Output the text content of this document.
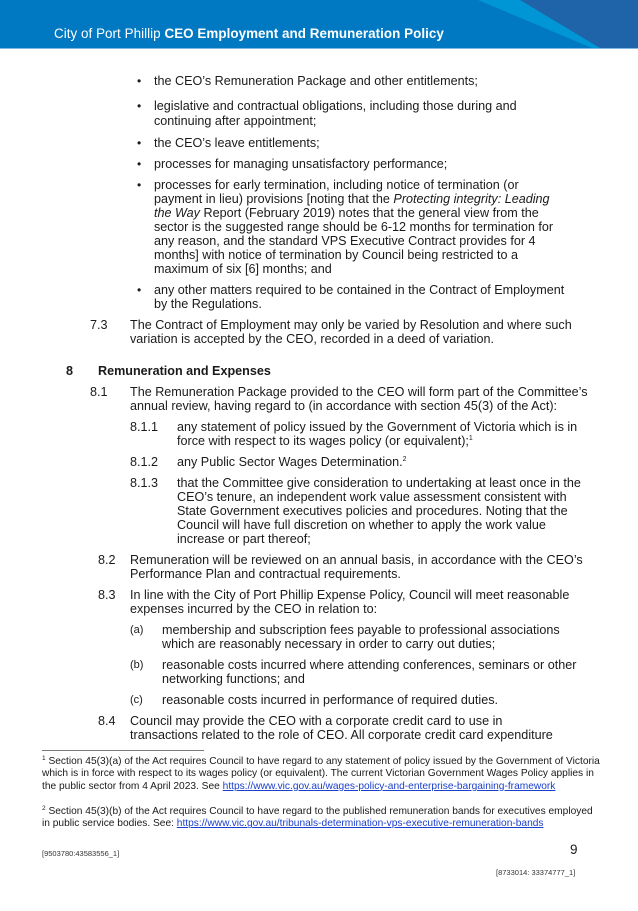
City of Port Phillip CEO Employment and Remuneration Policy
• the CEO’s Remuneration Package and other entitlements;
• legislative and contractual obligations, including those during and
continuing after appointment;
• the CEO’s leave entitlements;
• processes for managing unsatisfactory performance;
• processes for early termination, including notice of termination (or
payment in lieu) provisions [noting that the Protecting integrity: Leading
the Way Report (February 2019) notes that the general view from the
sector is the suggested range should be 6-12 months for termination for
any reason, and the standard VPS Executive Contract provides for 4
months] with notice of termination by Council being restricted to a
maximum of six [6] months; and
• any other matters required to be contained in the Contract of Employment
by the Regulations.
7.3 The Contract of Employment may only be varied by Resolution and where such
variation is accepted by the CEO, recorded in a deed of variation.
8 Remuneration and Expenses
8.1 The Remuneration Package provided to the CEO will form part of the Committee’s
annual review, having regard to (in accordance with section 45(3) of the Act):
8.1.1 any statement of policy issued by the Government of Victoria which is in
force with respect to its wages policy (or equivalent);$^1$
8.1.2 any Public Sector Wages Determination.$^2$
8.1.3 that the Committee give consideration to undertaking at least once in the
CEO’s tenure, an independent work value assessment consistent with
State Government executives policies and procedures. Noting that the
Council will have full discretion on whether to apply the work value
increase or part thereof;
8.2 Remuneration will be reviewed on an annual basis, in accordance with the CEO’s
Performance Plan and contractual requirements.
8.3 In line with the City of Port Phillip Expense Policy, Council will meet reasonable
expenses incurred by the CEO in relation to:
(a) membership and subscription fees payable to professional associations
which are reasonably necessary in order to carry out duties;
(b) reasonable costs incurred where attending conferences, seminars or other
networking functions; and
(c) reasonable costs incurred in performance of required duties.
8.4 Council may provide the CEO with a corporate credit card to use in
transactions related to the role of CEO. All corporate credit card expenditure
$^1$ Section 45(3)(a) of the Act requires Council to have regard to any statement of policy issued by the Government of Victoria which is in force with respect to its wages policy (or equivalent). The current Victorian Government Wages Policy applies in the public sector from 4 April 2023. See https://www.vic.gov.au/wages-policy-and-enterprise-bargaining-framework
$^2$ Section 45(3)(b) of the Act requires Council to have regard to the published remuneration bands for executives employed in public service bodies. See: https://www.vic.gov.au/tribunals-determination-vps-executive-remuneration-bands
[9503780:43583556_1]	9
[8733014: 33374777_1]
